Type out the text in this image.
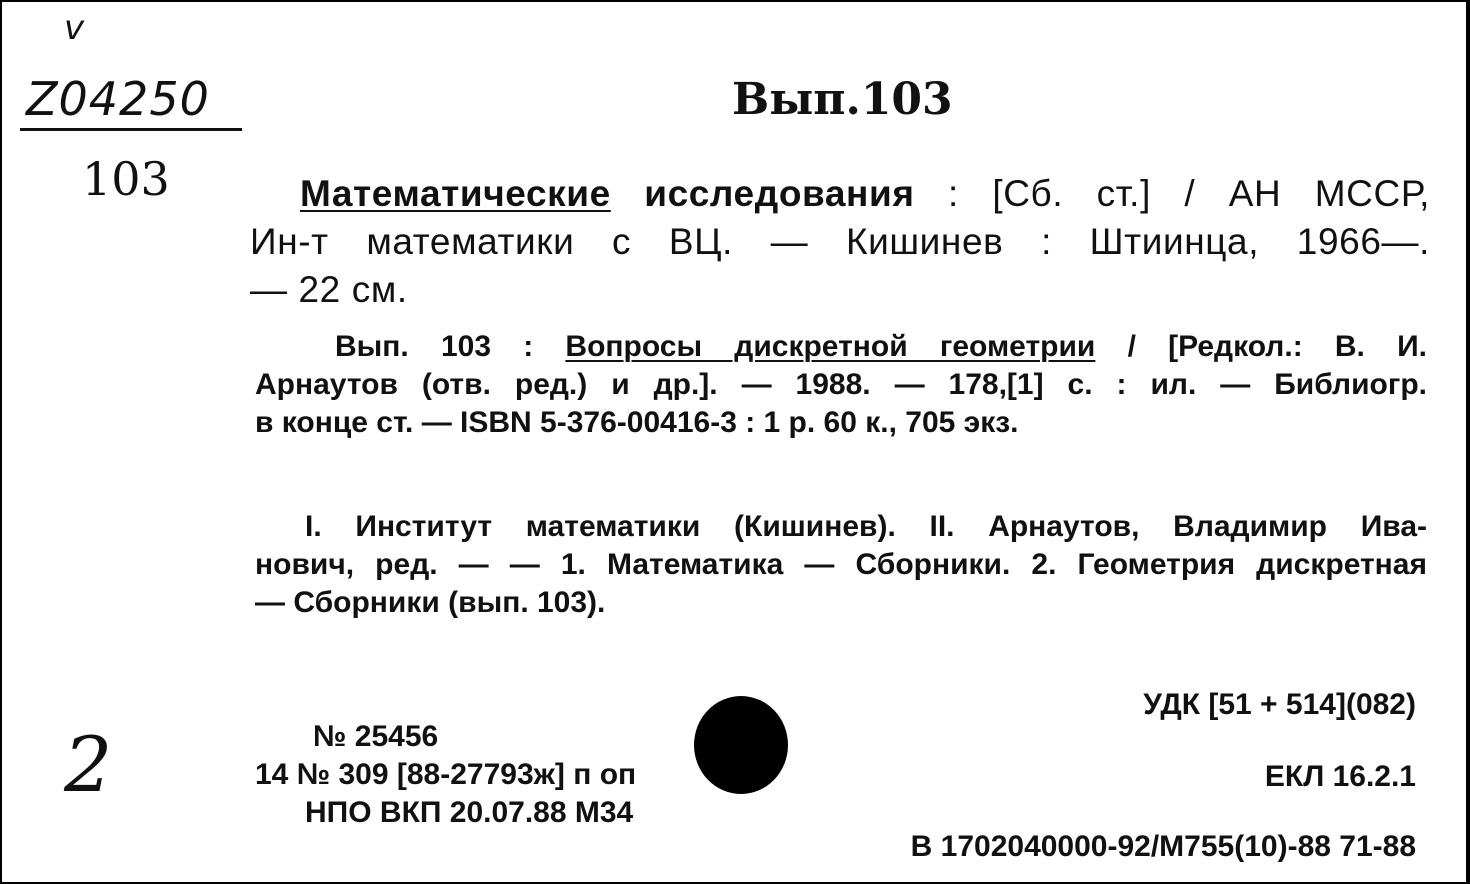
v
Z04250
103
Вып.103
Математические исследования : [Сб. ст.] / АН МССР,
Ин-т математики с ВЦ. — Кишинев : Штиинца, 1966—.
— 22 см.
Вып. 103 : Вопросы дискретной геометрии / [Редкол.: В. И.
Арнаутов (отв. ред.) и др.]. — 1988. — 178,[1] с. : ил. — Библиогр.
в конце ст. — ISBN 5-376-00416-3 : 1 р. 60 к., 705 экз.
I. Институт математики (Кишинев). II. Арнаутов, Владимир Ива-
нович, ред. — — 1. Математика — Сборники. 2. Геометрия дискретная
— Сборники (вып. 103).
УДК [51 + 514](082)
ЕКЛ 16.2.1
В 1702040000-92/М755(10)-88 71-88
2	№ 25456
14 № 309 [88-27793ж] п оп
НПО ВКП 20.07.88 М34
